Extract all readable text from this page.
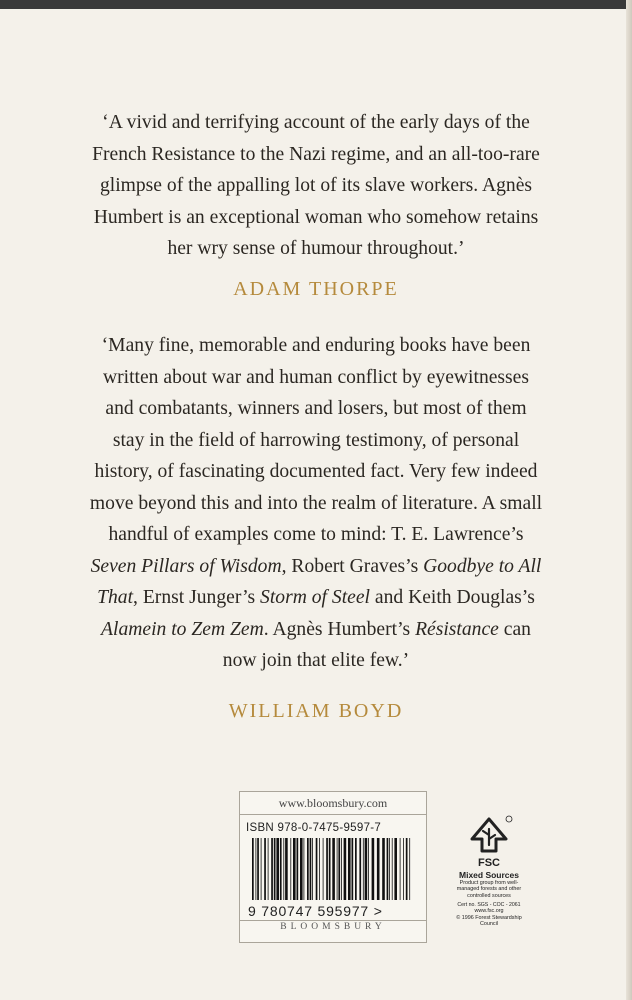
‘A vivid and terrifying account of the early days of the French Resistance to the Nazi regime, and an all-too-rare glimpse of the appalling lot of its slave workers. Agnès Humbert is an exceptional woman who somehow retains her wry sense of humour throughout.’

ADAM THORPE

‘Many fine, memorable and enduring books have been written about war and human conflict by eyewitnesses and combatants, winners and losers, but most of them stay in the field of harrowing testimony, of personal history, of fascinating documented fact. Very few indeed move beyond this and into the realm of literature. A small handful of examples come to mind: T. E. Lawrence’s Seven Pillars of Wisdom, Robert Graves’s Goodbye to All That, Ernst Junger’s Storm of Steel and Keith Douglas’s Alamein to Zem Zem. Agnès Humbert’s Résistance can now join that elite few.’

WILLIAM BOYD
www.bloomsbury.com
ISBN 978-0-7475-9597-7
9 780747 595977 >
BLOOMSBURY
FSC
Mixed Sources
Product group from well-managed forests and other controlled sources
Cert no. SGS - COC - 2061
www.fsc.org
© 1996 Forest Stewardship Council
